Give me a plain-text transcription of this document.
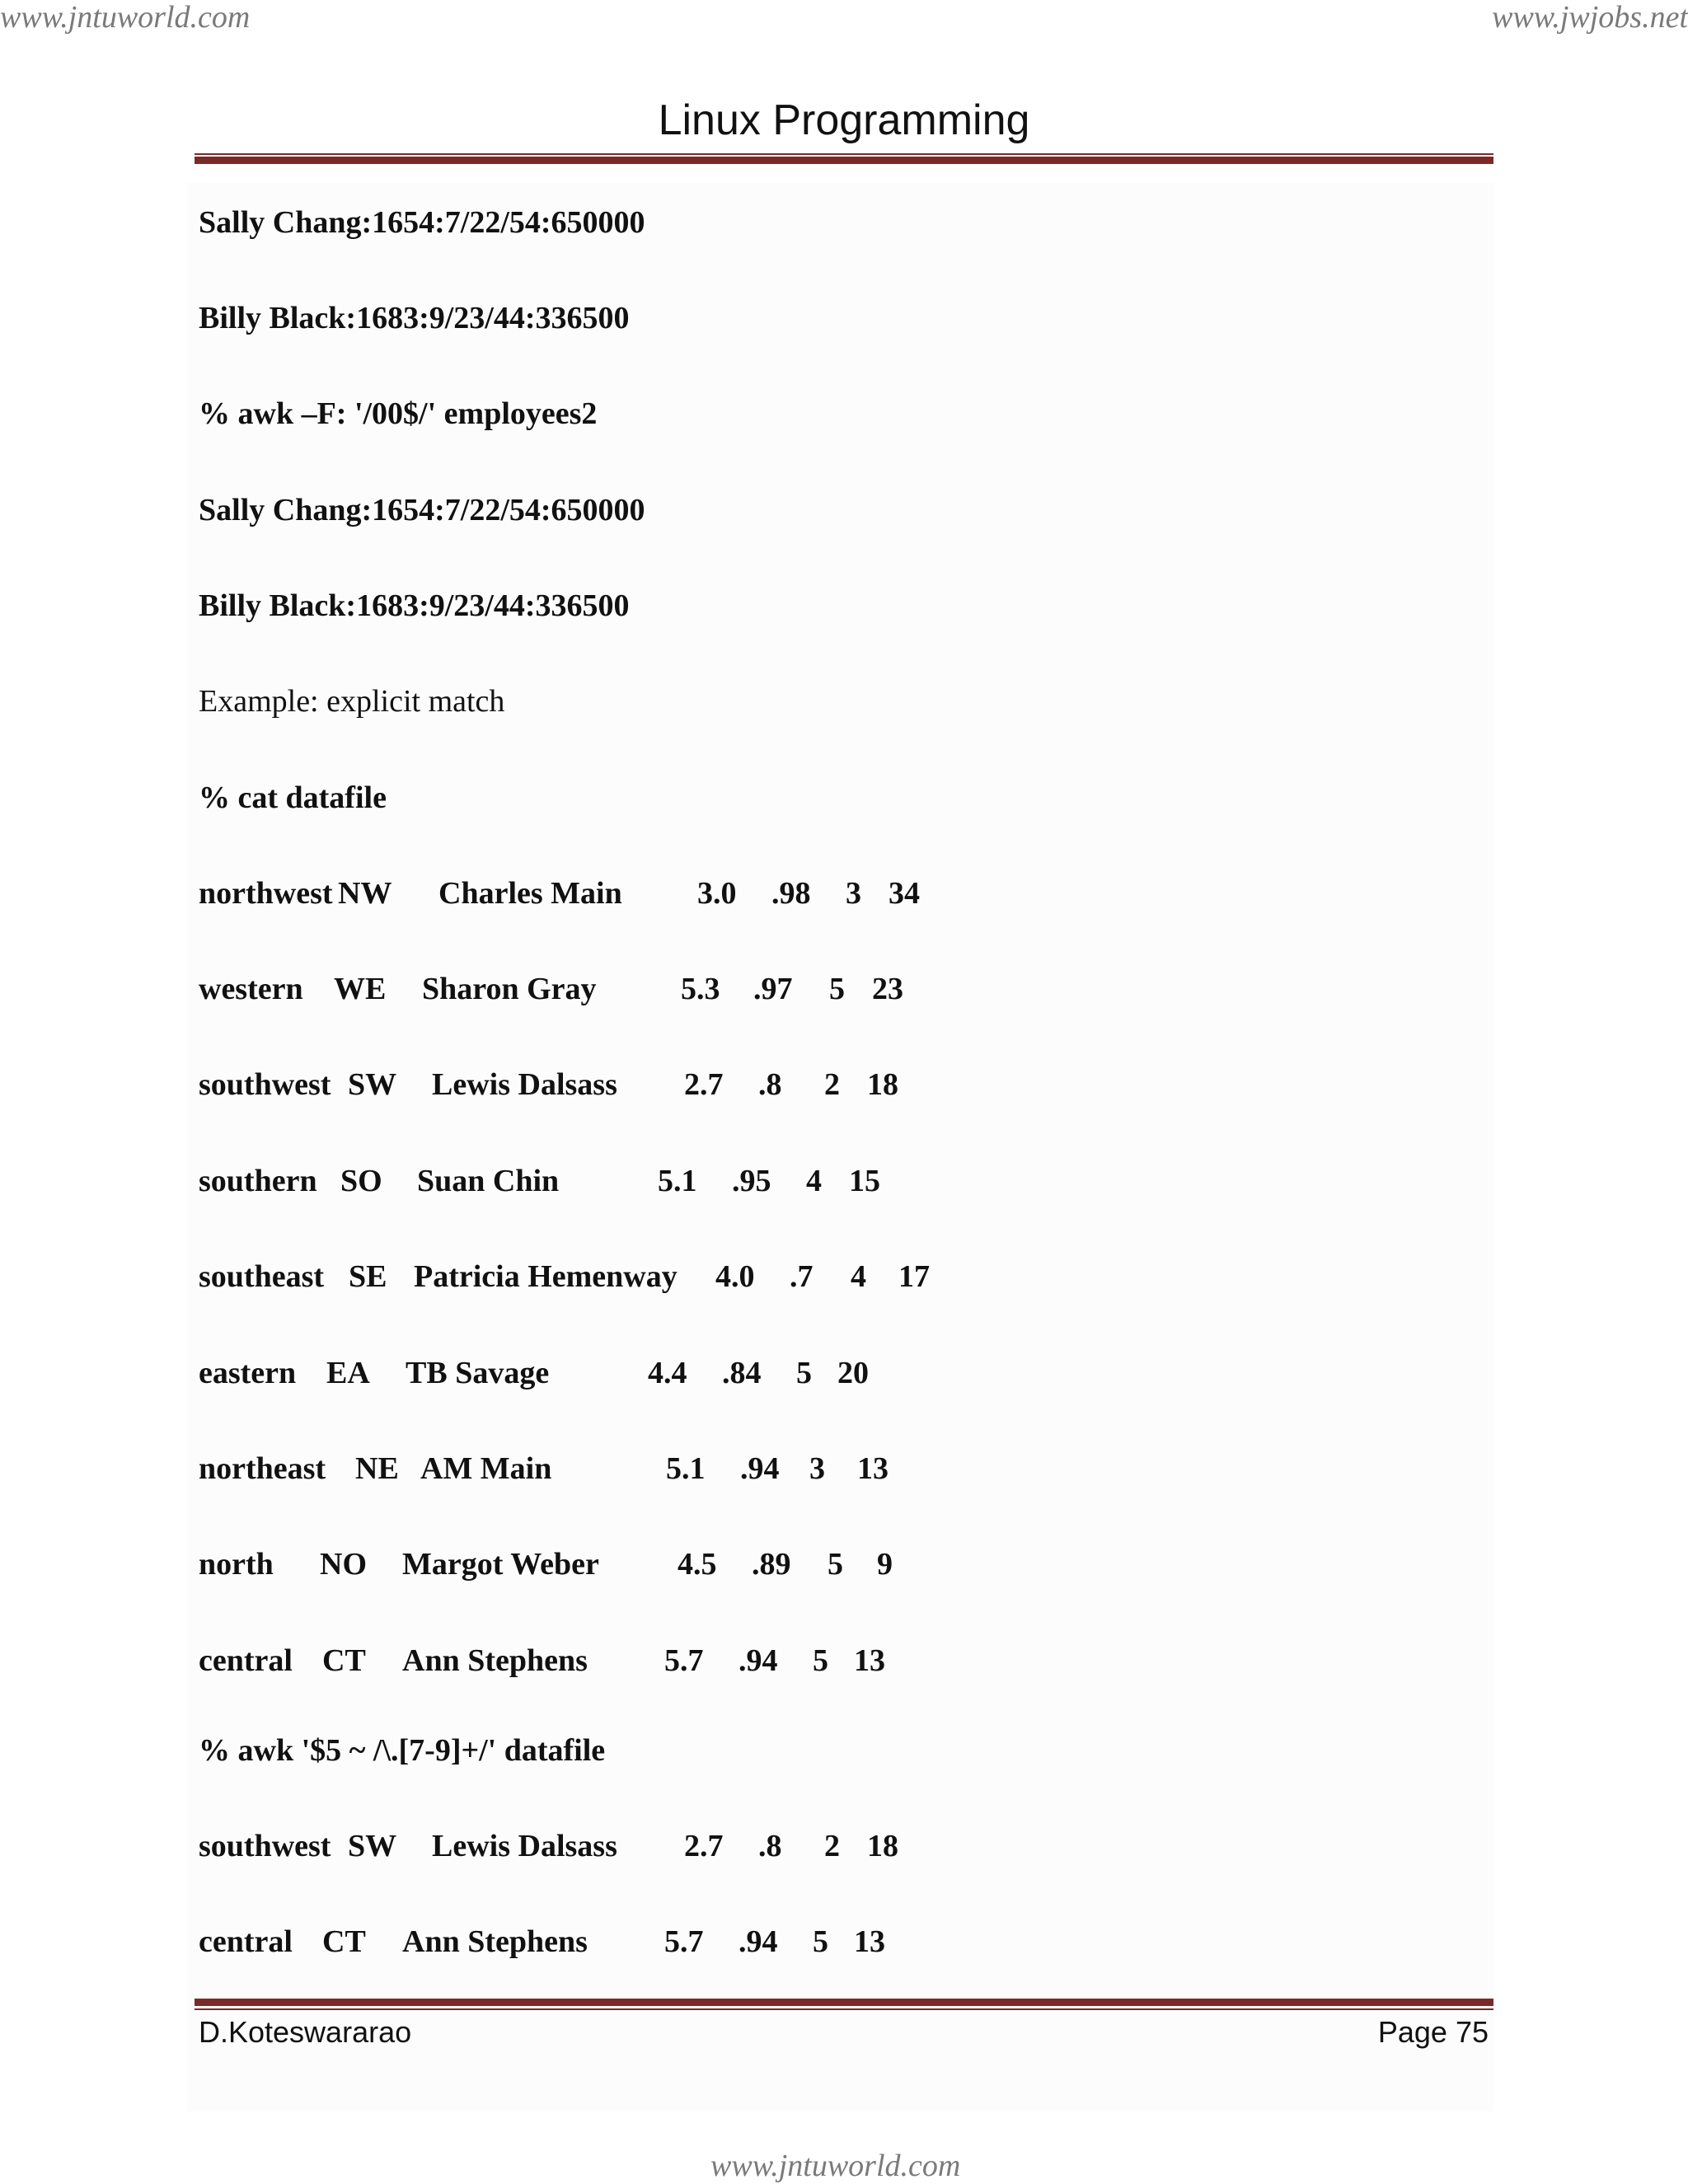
www.jntuworld.com	www.jwjobs.net
Linux Programming
Sally Chang:1654:7/22/54:650000
Billy Black:1683:9/23/44:336500
% awk –F: '/00$/' employees2
Sally Chang:1654:7/22/54:650000
Billy Black:1683:9/23/44:336500
Example: explicit match
% cat datafile
northwest NW Charles Main 3.0 .98 3 34
western WE Sharon Gray	5.3 .97 5 23
southwest SW Lewis Dalsass 2.7 .8 2 18
southern SO Suan Chin	5.1 .95 4 15
southeast SE Patricia Hemenway 4.0 .7 4 17
eastern EA TB Savage	4.4 .84 5 20
northeast NE AM Main	5.1 .94 3 13
north NO Margot Weber	4.5 .89 5 9
central CT Ann Stephens 5.7 .94 5 13
% awk '$5 ~ /\.[7-9]+/' datafile
southwest SW Lewis Dalsass 2.7 .8 2 18
central CT Ann Stephens 5.7 .94 5 13
D.Koteswararao	Page 75
www.jntuworld.com
